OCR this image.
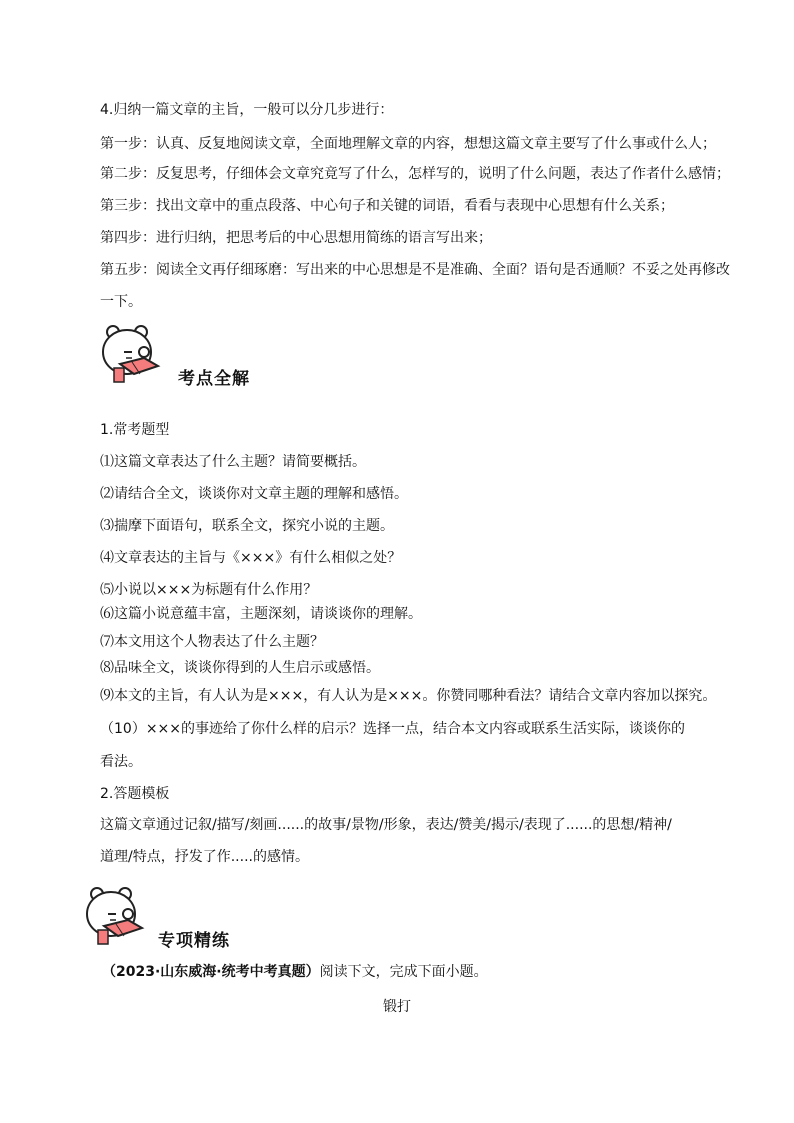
4.归纳一篇文章的主旨，一般可以分几步进行：
第一步：认真、反复地阅读文章，全面地理解文章的内容，想想这篇文章主要写了什么事或什么人；
第二步：反复思考，仔细体会文章究竟写了什么，怎样写的，说明了什么问题，表达了作者什么感情；
第三步：找出文章中的重点段落、中心句子和关键的词语，看看与表现中心思想有什么关系；
第四步：进行归纳，把思考后的中心思想用简练的语言写出来；
第五步：阅读全文再仔细琢磨：写出来的中心思想是不是准确、全面？语句是否通顺？不妥之处再修改
一下。
考点全解
1.常考题型
⑴这篇文章表达了什么主题？请简要概括。
⑵请结合全文，谈谈你对文章主题的理解和感悟。
⑶揣摩下面语句，联系全文，探究小说的主题。
⑷文章表达的主旨与《×××》有什么相似之处？
⑸小说以×××为标题有什么作用？
⑹这篇小说意蕴丰富，主题深刻，请谈谈你的理解。
⑺本文用这个人物表达了什么主题？
⑻品味全文，谈谈你得到的人生启示或感悟。
⑼本文的主旨，有人认为是×××，有人认为是×××。你赞同哪种看法？请结合文章内容加以探究。
（10）×××的事迹给了你什么样的启示？选择一点，结合本文内容或联系生活实际，谈谈你的
看法。
2.答题模板
这篇文章通过记叙/描写/刻画......的故事/景物/形象，表达/赞美/揭示/表现了......的思想/精神/
道理/特点，抒发了作.....的感情。
专项精练
（2023·山东威海·统考中考真题）阅读下文，完成下面小题。
锻打
